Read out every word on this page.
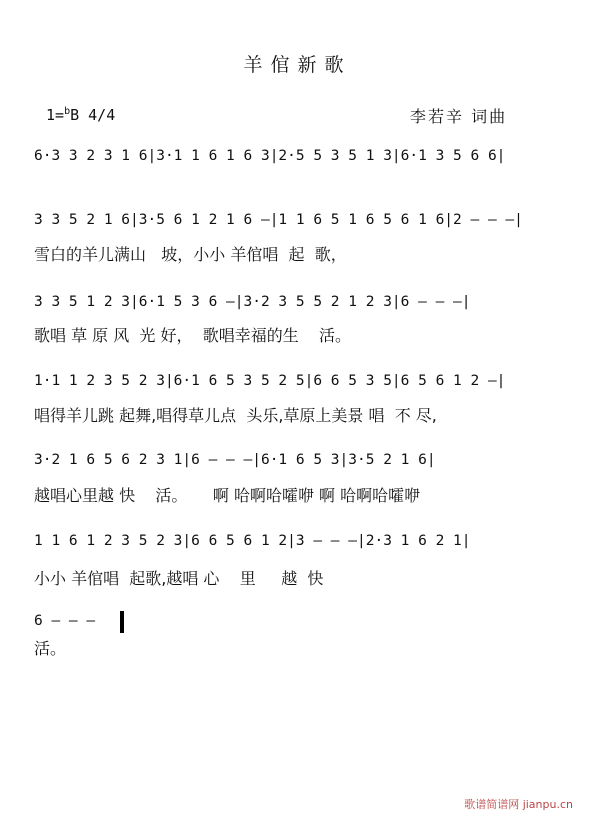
羊倌新歌
1=$^b$B 4/4	李若辛 词曲
6·3 3 2 3 1 6|3·1 1 6 1 6 3|2·5 5 3 5 1 3|6·1 3 5 6 6|
3 3 5 2 1 6|3·5 6 1 2 1 6 —|1 1 6 5 1 6 5 6 1 6|2 — — —|
雪白的羊儿满山   坡，小小 羊倌唱  起  歌，
3 3 5 1 2 3|6·1 5 3 6 —|3·2 3 5 5 2 1 2 3|6 — — —|
歌唱 草 原 风  光 好，  歌唱幸福的生    活。
1·1 1 2 3 5 2 3|6·1 6 5 3 5 2 5|6 6 5 3 5|6 5 6 1 2 —|
唱得羊儿跳 起舞,唱得草儿点  头乐,草原上美景 唱  不 尽,
3·2 1 6 5 6 2 3 1|6 — — —|6·1 6 5 3|3·5 2 1 6|
越唱心里越 快    活。     啊 哈啊哈嚯咿 啊 哈啊哈嚯咿
1 1 6 1 2 3 5 2 3|6 6 5 6 1 2|3 — — —|2·3 1 6 2 1|
小小 羊倌唱  起歌,越唱 心    里     越  快
6 — — —
活。
歌谱简谱网 jianpu.cn
